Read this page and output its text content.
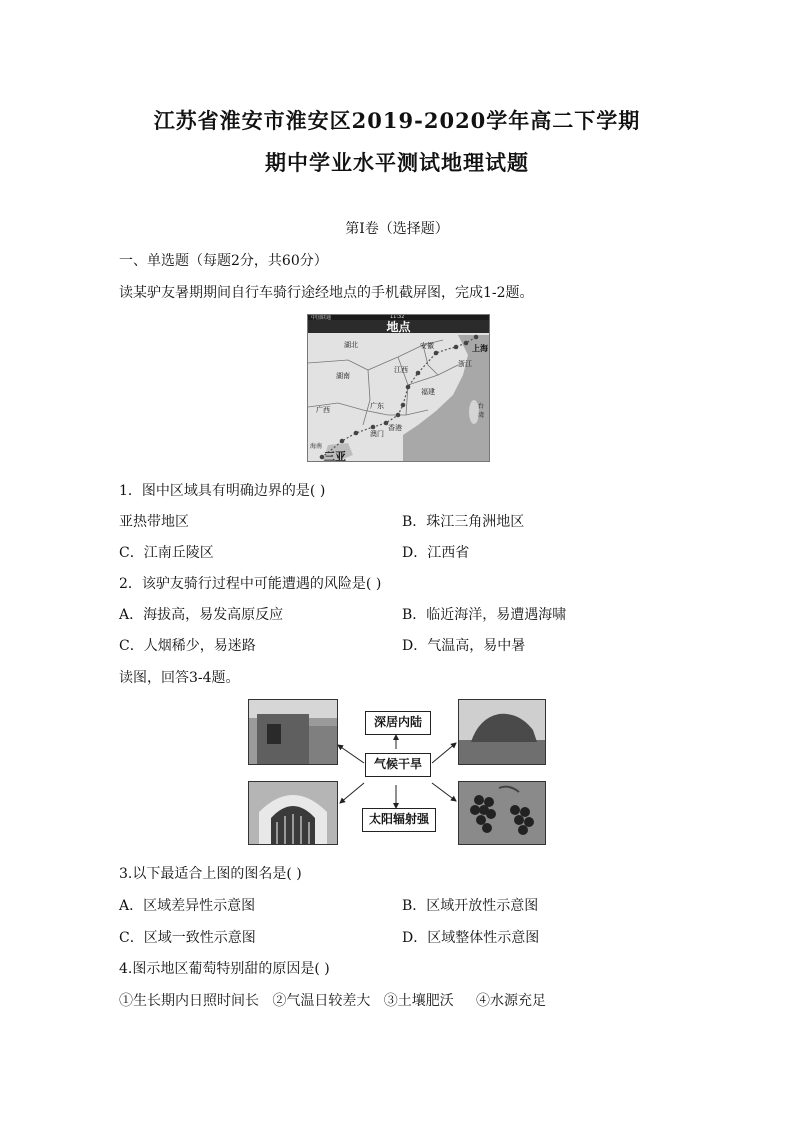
江苏省淮安市淮安区2019-2020学年高二下学期
期中学业水平测试地理试题
第I卷（选择题）
一、单选题（每题2分，共60分）
读某驴友暑期期间自行车骑行途经地点的手机截屏图，完成1-2题。
中国联通	11:32
地点
湖北	安徽	上海
浙江
湖南
江西
福建
广西	广东	台湾
澳门
香港
海南
三亚
1．图中区域具有明确边界的是( )
亚热带地区	B．珠江三角洲地区
C．江南丘陵区	D．江西省
2．该驴友骑行过程中可能遭遇的风险是( )
A．海拔高，易发高原反应	B．临近海洋，易遭遇海啸
C．人烟稀少，易迷路	D．气温高，易中暑
读图，回答3-4题。
深居内陆
气候干旱
太阳辐射强
3.以下最适合上图的图名是( )
A．区域差异性示意图	B．区域开放性示意图
C．区域一致性示意图	D．区域整体性示意图
4.图示地区葡萄特别甜的原因是( )
①生长期内日照时间长   ②气温日较差大   ③土壤肥沃     ④水源充足
